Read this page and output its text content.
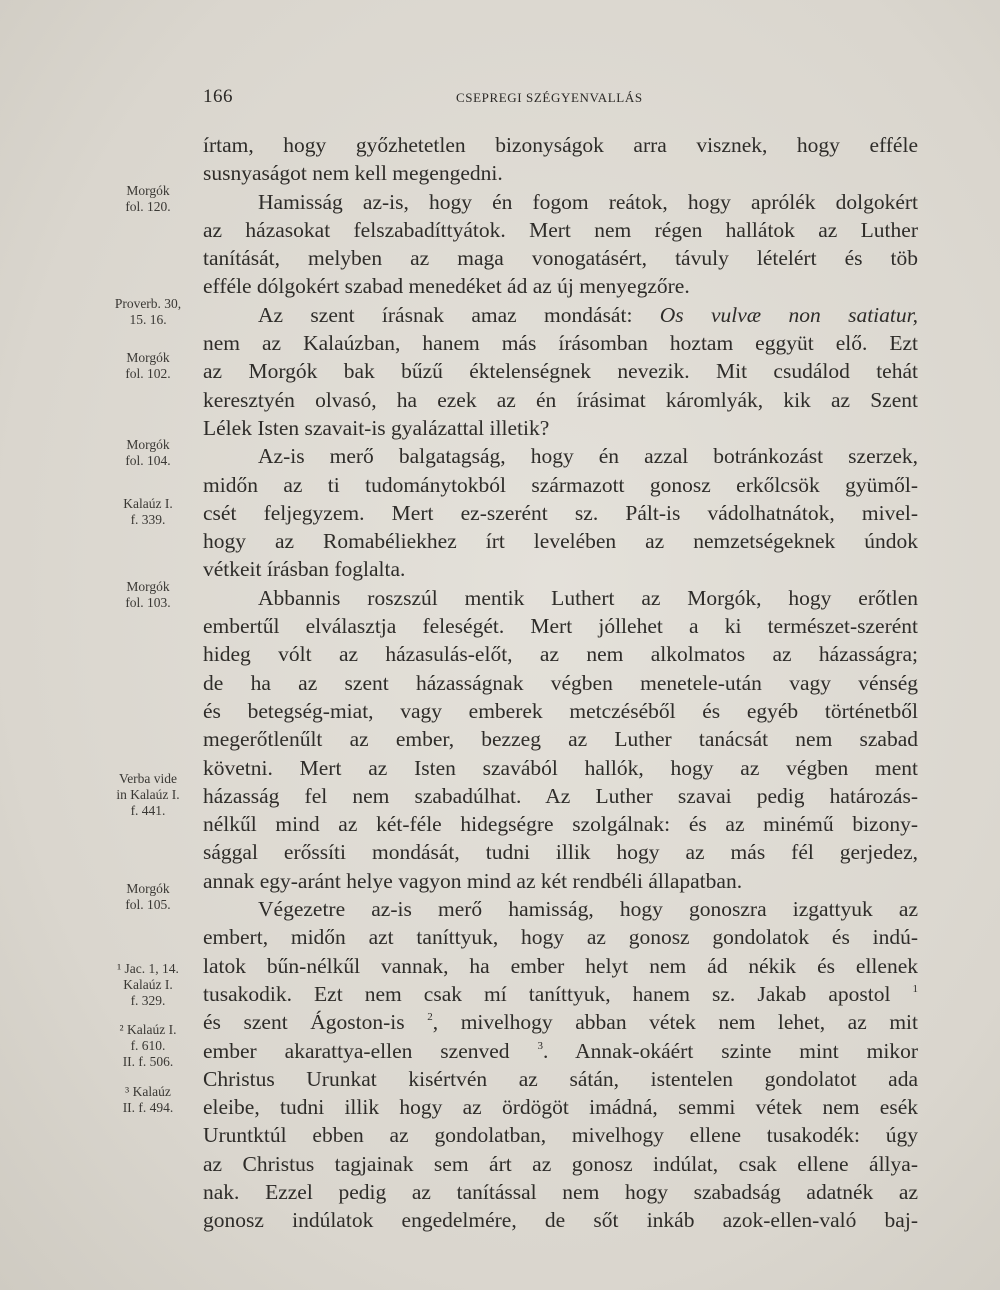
166	CSEPREGI SZÉGYENVALLÁS
írtam, hogy győzhetetlen bizonyságok arra visznek, hogy efféle
susnyaságot nem kell megengedni.
Hamisság az-is, hogy én fogom reátok, hogy aprólék dolgokért
az házasokat felszabadíttyátok. Mert nem régen hallátok az Luther
tanítását, melyben az maga vonogatásért, távuly lételért és töb
efféle dólgokért szabad menedéket ád az új menyegzőre.
Az szent írásnak amaz mondását: Os vulvæ non satiatur,
nem az Kalaúzban, hanem más írásomban hoztam eggyüt elő. Ezt
az Morgók bak bűzű éktelenségnek nevezik. Mit csudálod tehát
keresztyén olvasó, ha ezek az én írásimat káromlyák, kik az Szent
Lélek Isten szavait-is gyalázattal illetik?
Az-is merő balgatagság, hogy én azzal botránkozást szerzek,
midőn az ti tudománytokból származott gonosz erkőlcsök gyümől-
csét feljegyzem. Mert ez-szerént sz. Pált-is vádolhatnátok, mivel-
hogy az Romabéliekhez írt levelében az nemzetségeknek úndok
vétkeit írásban foglalta.
Abbannis roszszúl mentik Luthert az Morgók, hogy erőtlen
embertűl elválasztja feleségét. Mert jóllehet a ki természet-szerént
hideg vólt az házasulás-előt, az nem alkolmatos az házasságra;
de ha az szent házasságnak végben menetele-után vagy vénség
és betegség-miat, vagy emberek metczéséből és egyéb történetből
megerőtlenűlt az ember, bezzeg az Luther tanácsát nem szabad
követni. Mert az Isten szavából hallók, hogy az végben ment
házasság fel nem szabadúlhat. Az Luther szavai pedig határozás-
nélkűl mind az két-féle hidegségre szolgálnak: és az minémű bizony-
sággal erőssíti mondását, tudni illik hogy az más fél gerjedez,
annak egy-aránt helye vagyon mind az két rendbéli állapatban.
Végezetre az-is merő hamisság, hogy gonoszra izgattyuk az
embert, midőn azt taníttyuk, hogy az gonosz gondolatok és indú-
latok bűn-nélkűl vannak, ha ember helyt nem ád nékik és ellenek
tusakodik. Ezt nem csak mí taníttyuk, hanem sz. Jakab apostol $^1$
és szent Ágoston-is $^2$, mivelhogy abban vétek nem lehet, az mit
ember akarattya-ellen szenved	$^3$. Annak-okáért szinte mint mikor
Christus Urunkat kisértvén az sátán, istentelen gondolatot ada
eleibe, tudni illik hogy az ördögöt imádná, semmi vétek nem esék
Uruntktúl ebben az gondolatban, mivelhogy ellene tusakodék: úgy
az Christus tagjainak sem árt az gonosz indúlat, csak ellene állya-
nak. Ezzel pedig az tanítással nem hogy szabadság adatnék az
gonosz indúlatok engedelmére, de sőt inkáb azok-ellen-való baj-
Morgók
fol. 120.
Proverb. 30,
15. 16.
Morgók
fol. 102.
Morgók
fol. 104.
Kalaúz I.
f. 339.
Morgók
fol. 103.
Verba vide
in Kalaúz I.
f. 441.
Morgók
fol. 105.
¹ Jac. 1, 14.
Kalaúz I.
f. 329.
² Kalaúz I.
f. 610.
II. f. 506.
³ Kalaúz
II. f. 494.
